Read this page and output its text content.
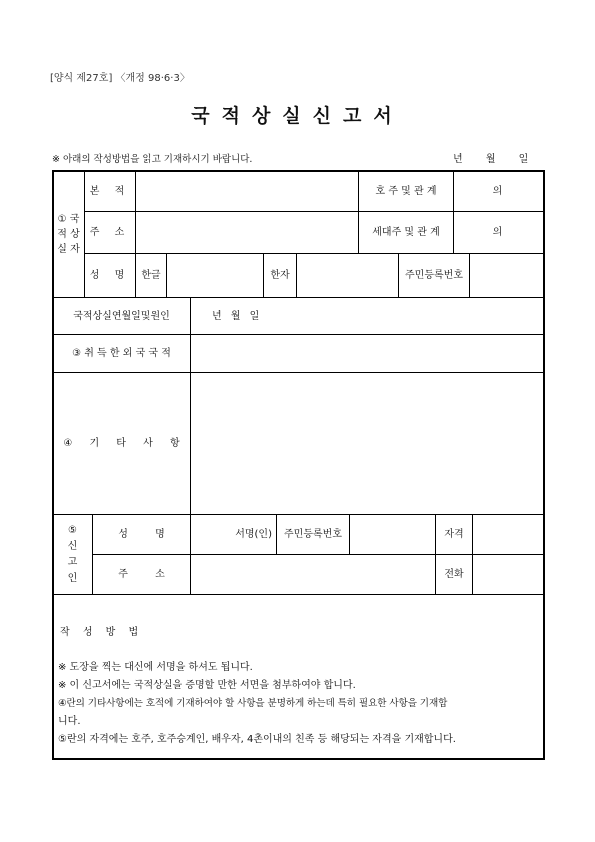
[양식 제27호] 〈개정 98·6·3〉
국적상실신고서
※ 아래의 작성방법을 읽고 기재하시기 바랍니다.	년 월 일
① 국적 상실 자
본 적	호 주 및 관 계	의
주 소	세대주 및 관 계	의
성 명	한글	한자	주민등록번호
국적상실연월일및원인	년 월 일
③ 취 득 한 외 국 국 적
④ 기 타 사 항
⑤ 신 고 인
성 명	서명(인)	주민등록번호	자격
주 소	전화
작 성 방 법
※ 도장을 찍는 대신에 서명을 하셔도 됩니다.
※ 이 신고서에는 국적상실을 증명할 만한 서면을 첨부하여야 합니다.
④란의 기타사항에는 호적에 기재하여야 할 사항을 분명하게 하는데 특히 필요한 사항을 기재합
니다.
⑤란의 자격에는 호주, 호주승계인, 배우자, 4촌이내의 친족 등 해당되는 자격을 기재합니다.
